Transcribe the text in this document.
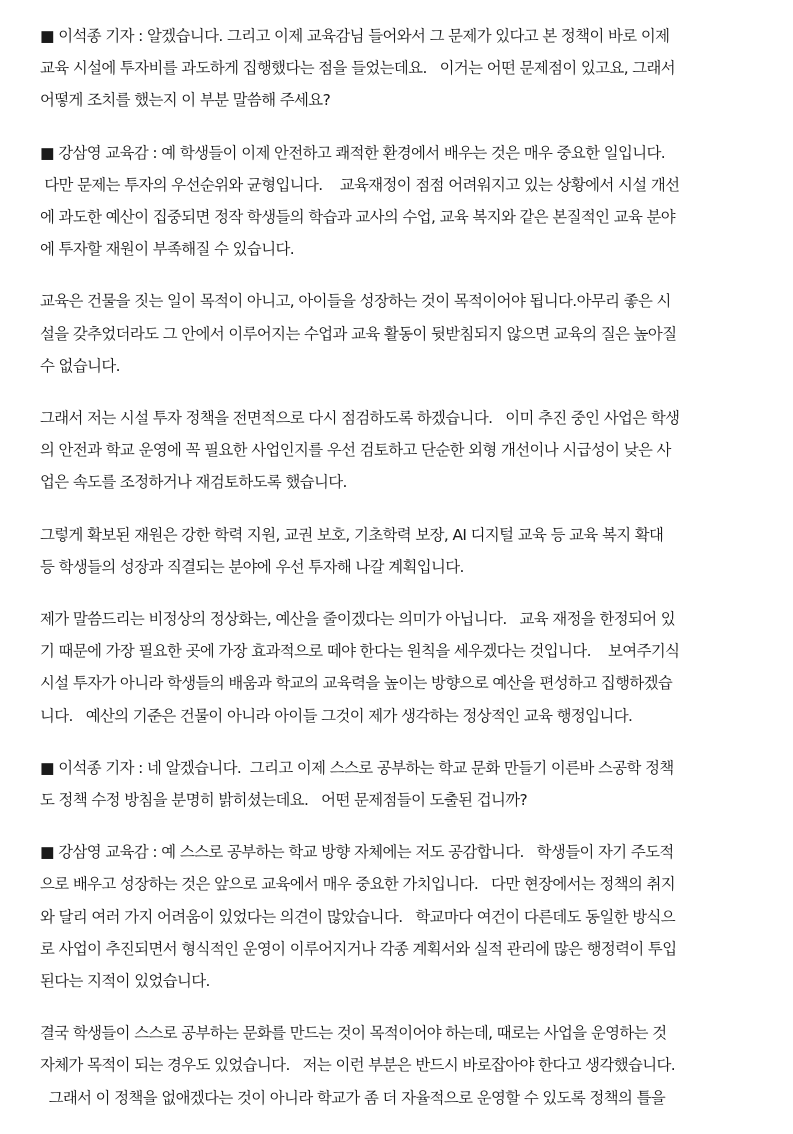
■ 이석종 기자 : 알겠습니다. 그리고 이제 교육감님 들어와서 그 문제가 있다고 본 정책이 바로 이제
교육 시설에 투자비를 과도하게 집행했다는 점을 들었는데요.   이거는 어떤 문제점이 있고요, 그래서
어떻게 조치를 했는지 이 부분 말씀해 주세요?

■ 강삼영 교육감 : 예 학생들이 이제 안전하고 쾌적한 환경에서 배우는 것은 매우 중요한 일입니다.
다만 문제는 투자의 우선순위와 균형입니다.    교육재정이 점점 어려워지고 있는 상황에서 시설 개선
에 과도한 예산이 집중되면 정작 학생들의 학습과 교사의 수업, 교육 복지와 같은 본질적인 교육 분야
에 투자할 재원이 부족해질 수 있습니다.

교육은 건물을 짓는 일이 목적이 아니고, 아이들을 성장하는 것이 목적이어야 됩니다.아무리 좋은 시
설을 갖추었더라도 그 안에서 이루어지는 수업과 교육 활동이 뒷받침되지 않으면 교육의 질은 높아질
수 없습니다.

그래서 저는 시설 투자 정책을 전면적으로 다시 점검하도록 하겠습니다.   이미 추진 중인 사업은 학생
의 안전과 학교 운영에 꼭 필요한 사업인지를 우선 검토하고 단순한 외형 개선이나 시급성이 낮은 사
업은 속도를 조정하거나 재검토하도록 했습니다.

그렇게 확보된 재원은 강한 학력 지원, 교권 보호, 기초학력 보장, AI 디지털 교육 등 교육 복지 확대
등 학생들의 성장과 직결되는 분야에 우선 투자해 나갈 계획입니다.

제가 말씀드리는 비정상의 정상화는, 예산을 줄이겠다는 의미가 아닙니다.   교육 재정을 한정되어 있
기 때문에 가장 필요한 곳에 가장 효과적으로 떼야 한다는 원칙을 세우겠다는 것입니다.    보여주기식
시설 투자가 아니라 학생들의 배움과 학교의 교육력을 높이는 방향으로 예산을 편성하고 집행하겠습
니다.   예산의 기준은 건물이 아니라 아이들 그것이 제가 생각하는 정상적인 교육 행정입니다.

■ 이석종 기자 : 네 알겠습니다.  그리고 이제 스스로 공부하는 학교 문화 만들기 이른바 스공학 정책
도 정책 수정 방침을 분명히 밝히셨는데요.   어떤 문제점들이 도출된 겁니까?

■ 강삼영 교육감 : 예 스스로 공부하는 학교 방향 자체에는 저도 공감합니다.   학생들이 자기 주도적
으로 배우고 성장하는 것은 앞으로 교육에서 매우 중요한 가치입니다.   다만 현장에서는 정책의 취지
와 달리 여러 가지 어려움이 있었다는 의견이 많았습니다.   학교마다 여건이 다른데도 동일한 방식으
로 사업이 추진되면서 형식적인 운영이 이루어지거나 각종 계획서와 실적 관리에 많은 행정력이 투입
된다는 지적이 있었습니다.

결국 학생들이 스스로 공부하는 문화를 만드는 것이 목적이어야 하는데, 때로는 사업을 운영하는 것
자체가 목적이 되는 경우도 있었습니다.   저는 이런 부분은 반드시 바로잡아야 한다고 생각했습니다.
그래서 이 정책을 없애겠다는 것이 아니라 학교가 좀 더 자율적으로 운영할 수 있도록 정책의 틀을
